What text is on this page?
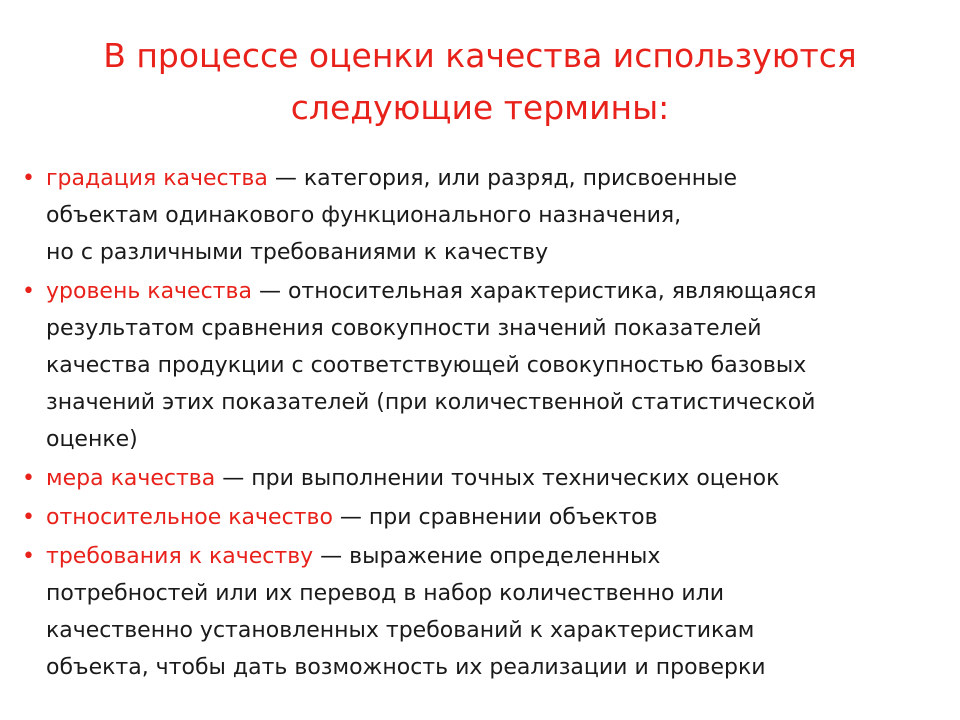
В процессе оценки качества используются
следующие термины:
• градация качества — категория, или разряд, присвоенные
объектам одинакового функционального назначения,
но с различными требованиями к качеству
• уровень качества — относительная характеристика, являющаяся
результатом сравнения совокупности значений показателей
качества продукции с соответствующей совокупностью базовых
значений этих показателей (при количественной статистической
оценке)
• мера качества — при выполнении точных технических оценок
• относительное качество — при сравнении объектов
• требования к качеству — выражение определенных
потребностей или их перевод в набор количественно или
качественно установленных требований к характеристикам
объекта, чтобы дать возможность их реализации и проверки
